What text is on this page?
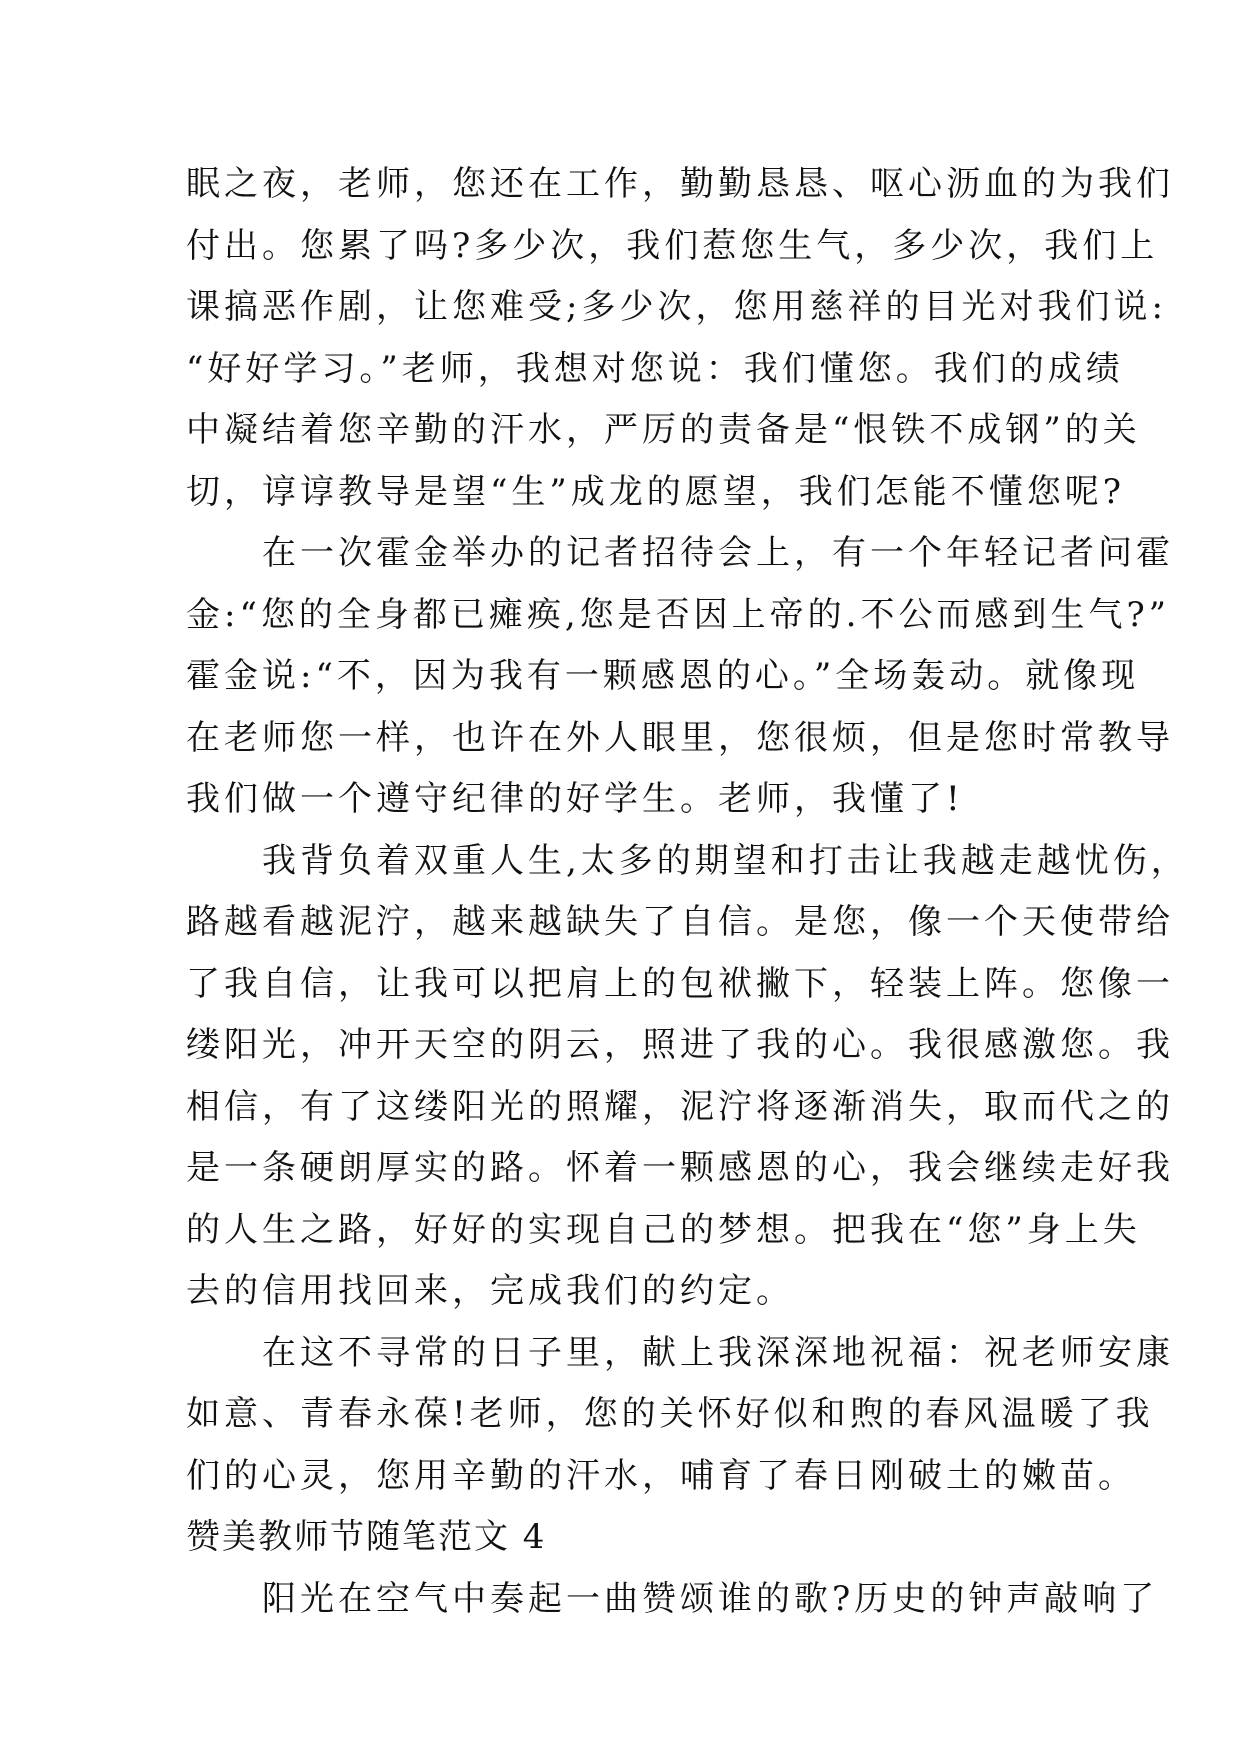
眠之夜，老师，您还在工作，勤勤恳恳、呕心沥血的为我们
付出。您累了吗?多少次，我们惹您生气，多少次，我们上
课搞恶作剧，让您难受;多少次，您用慈祥的目光对我们说:
“好好学习。”老师，我想对您说：我们懂您。我们的成绩
中凝结着您辛勤的汗水，严厉的责备是“恨铁不成钢”的关
切，谆谆教导是望“生”成龙的愿望，我们怎能不懂您呢?
　　在一次霍金举办的记者招待会上，有一个年轻记者问霍
金:“您的全身都已瘫痪,您是否因上帝的.不公而感到生气?”
霍金说:“不，因为我有一颗感恩的心。”全场轰动。就像现
在老师您一样，也许在外人眼里，您很烦，但是您时常教导
我们做一个遵守纪律的好学生。老师，我懂了!
　　我背负着双重人生,太多的期望和打击让我越走越忧伤，
路越看越泥泞，越来越缺失了自信。是您，像一个天使带给
了我自信，让我可以把肩上的包袱撇下，轻装上阵。您像一
缕阳光，冲开天空的阴云，照进了我的心。我很感激您。我
相信，有了这缕阳光的照耀，泥泞将逐渐消失，取而代之的
是一条硬朗厚实的路。怀着一颗感恩的心，我会继续走好我
的人生之路，好好的实现自己的梦想。把我在“您”身上失
去的信用找回来，完成我们的约定。
　　在这不寻常的日子里，献上我深深地祝福：祝老师安康
如意、青春永葆!老师，您的关怀好似和煦的春风温暖了我
们的心灵，您用辛勤的汗水，哺育了春日刚破土的嫩苗。
赞美教师节随笔范文 4
　　阳光在空气中奏起一曲赞颂谁的歌?历史的钟声敲响了
